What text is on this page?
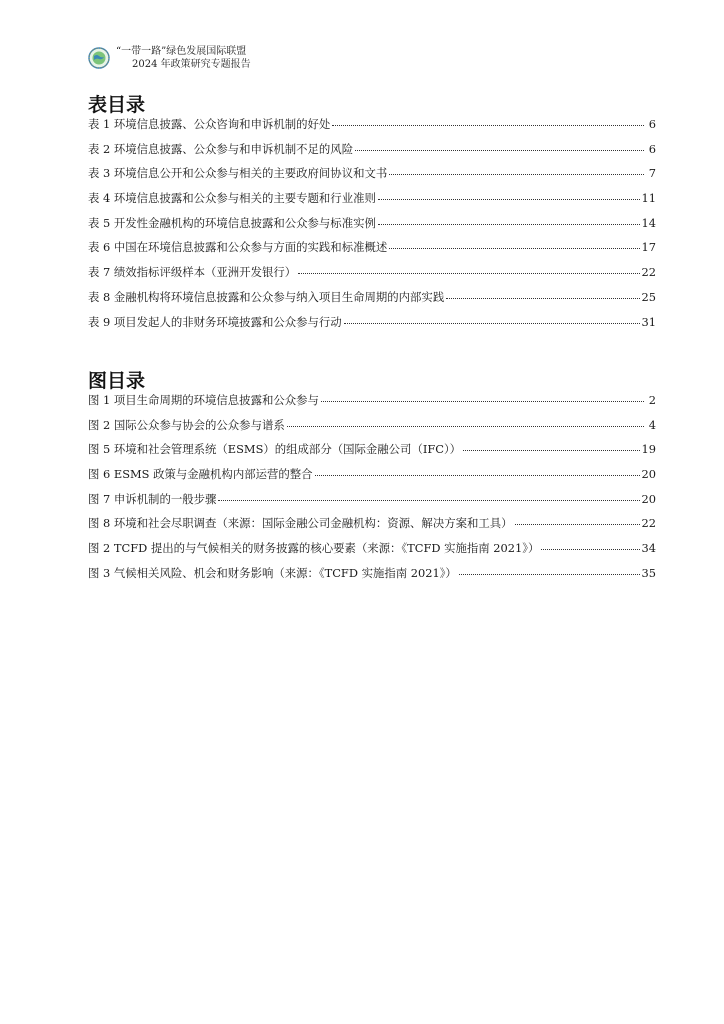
“一带一路”绿色发展国际联盟
2024 年政策研究专题报告
表目录
表 1 环境信息披露、公众咨询和申诉机制的好处	6
表 2 环境信息披露、公众参与和申诉机制不足的风险	6
表 3 环境信息公开和公众参与相关的主要政府间协议和文书	7
表 4 环境信息披露和公众参与相关的主要专题和行业准则	11
表 5 开发性金融机构的环境信息披露和公众参与标准实例	14
表 6 中国在环境信息披露和公众参与方面的实践和标准概述	17
表 7 绩效指标评级样本（亚洲开发银行）	22
表 8 金融机构将环境信息披露和公众参与纳入项目生命周期的内部实践	25
表 9 项目发起人的非财务环境披露和公众参与行动	31
图目录
图 1 项目生命周期的环境信息披露和公众参与	2
图 2 国际公众参与协会的公众参与谱系	4
图 5 环境和社会管理系统（ESMS）的组成部分（国际金融公司（IFC））	19
图 6 ESMS 政策与金融机构内部运营的整合	20
图 7 申诉机制的一般步骤	20
图 8 环境和社会尽职调查（来源：国际金融公司金融机构：资源、解决方案和工具）	22
图 2 TCFD 提出的与气候相关的财务披露的核心要素（来源：《TCFD 实施指南 2021》）	34
图 3 气候相关风险、机会和财务影响（来源：《TCFD 实施指南 2021》）	35
